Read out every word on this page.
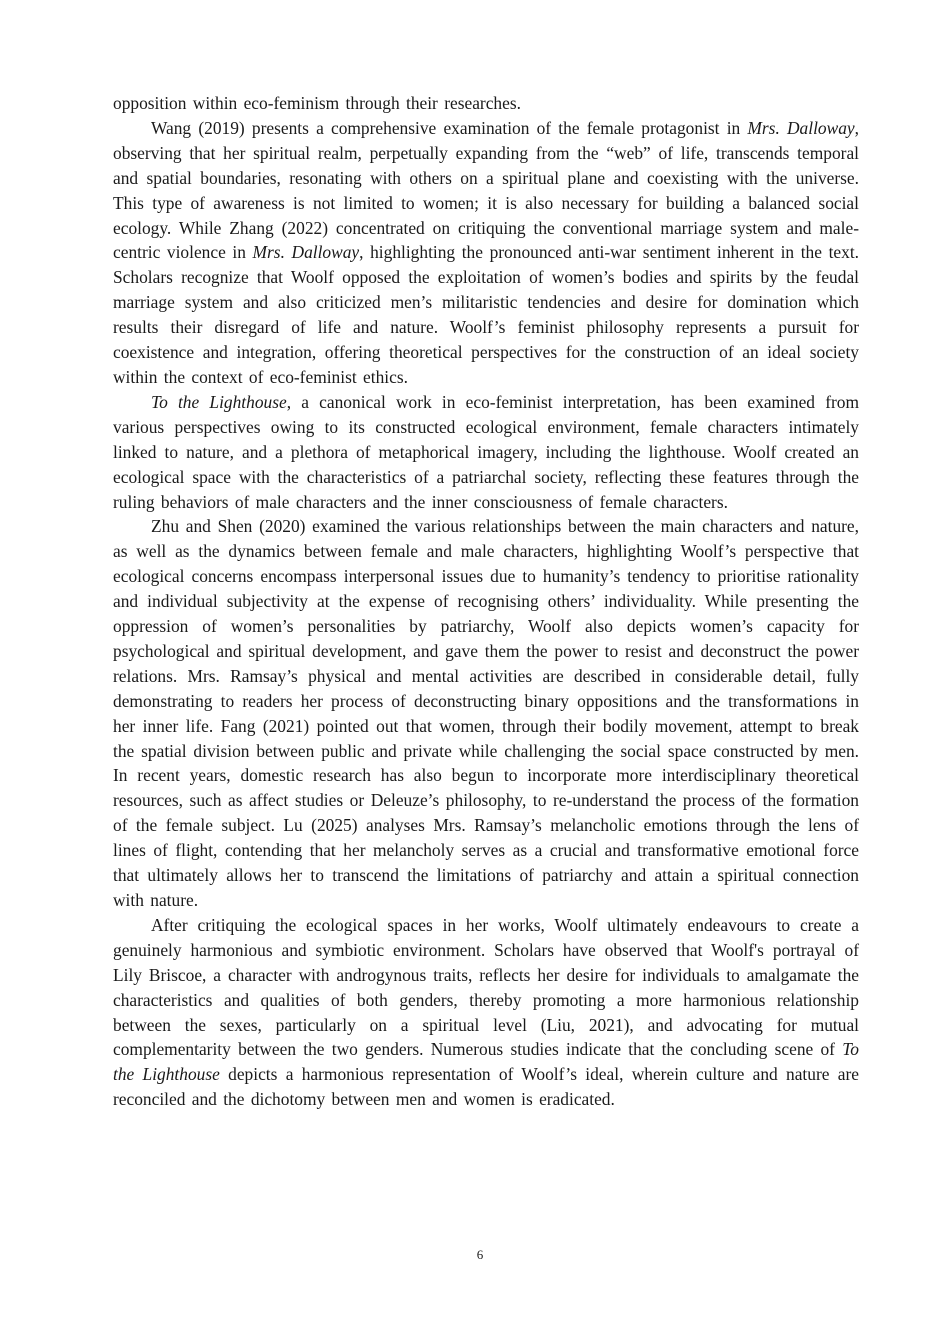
opposition within eco-feminism through their researches.

Wang (2019) presents a comprehensive examination of the female protagonist in Mrs. Dalloway, observing that her spiritual realm, perpetually expanding from the “web” of life, transcends temporal and spatial boundaries, resonating with others on a spiritual plane and coexisting with the universe. This type of awareness is not limited to women; it is also necessary for building a balanced social ecology. While Zhang (2022) concentrated on critiquing the conventional marriage system and male-centric violence in Mrs. Dalloway, highlighting the pronounced anti-war sentiment inherent in the text. Scholars recognize that Woolf opposed the exploitation of women’s bodies and spirits by the feudal marriage system and also criticized men’s militaristic tendencies and desire for domination which results their disregard of life and nature. Woolf’s feminist philosophy represents a pursuit for coexistence and integration, offering theoretical perspectives for the construction of an ideal society within the context of eco-feminist ethics.

To the Lighthouse, a canonical work in eco-feminist interpretation, has been examined from various perspectives owing to its constructed ecological environment, female characters intimately linked to nature, and a plethora of metaphorical imagery, including the lighthouse. Woolf created an ecological space with the characteristics of a patriarchal society, reflecting these features through the ruling behaviors of male characters and the inner consciousness of female characters.

Zhu and Shen (2020) examined the various relationships between the main characters and nature, as well as the dynamics between female and male characters, highlighting Woolf’s perspective that ecological concerns encompass interpersonal issues due to humanity’s tendency to prioritise rationality and individual subjectivity at the expense of recognising others’ individuality. While presenting the oppression of women’s personalities by patriarchy, Woolf also depicts women’s capacity for psychological and spiritual development, and gave them the power to resist and deconstruct the power relations. Mrs. Ramsay’s physical and mental activities are described in considerable detail, fully demonstrating to readers her process of deconstructing binary oppositions and the transformations in her inner life. Fang (2021) pointed out that women, through their bodily movement, attempt to break the spatial division between public and private while challenging the social space constructed by men. In recent years, domestic research has also begun to incorporate more interdisciplinary theoretical resources, such as affect studies or Deleuze’s philosophy, to re-understand the process of the formation of the female subject. Lu (2025) analyses Mrs. Ramsay’s melancholic emotions through the lens of lines of flight, contending that her melancholy serves as a crucial and transformative emotional force that ultimately allows her to transcend the limitations of patriarchy and attain a spiritual connection with nature.

After critiquing the ecological spaces in her works, Woolf ultimately endeavours to create a genuinely harmonious and symbiotic environment. Scholars have observed that Woolf's portrayal of Lily Briscoe, a character with androgynous traits, reflects her desire for individuals to amalgamate the characteristics and qualities of both genders, thereby promoting a more harmonious relationship between the sexes, particularly on a spiritual level (Liu, 2021), and advocating for mutual complementarity between the two genders. Numerous studies indicate that the concluding scene of To the Lighthouse depicts a harmonious representation of Woolf’s ideal, wherein culture and nature are reconciled and the dichotomy between men and women is eradicated.

6
